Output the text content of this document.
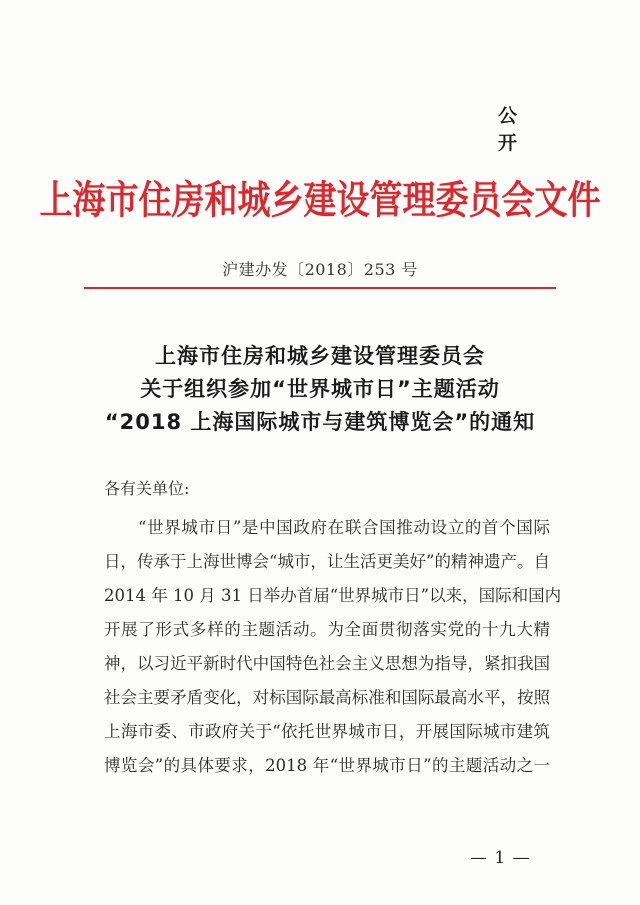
公 开
上海市住房和城乡建设管理委员会文件
沪建办发〔2018〕253 号
上海市住房和城乡建设管理委员会
关于组织参加“世界城市日”主题活动
“2018 上海国际城市与建筑博览会”的通知
各有关单位:
“世界城市日”是中国政府在联合国推动设立的首个国际
日，传承于上海世博会“城市，让生活更美好”的精神遗产。自
2014 年 10 月 31 日举办首届“世界城市日”以来，国际和国内
开展了形式多样的主题活动。为全面贯彻落实党的十九大精
神，以习近平新时代中国特色社会主义思想为指导，紧扣我国
社会主要矛盾变化，对标国际最高标准和国际最高水平，按照
上海市委、市政府关于“依托世界城市日，开展国际城市建筑
博览会”的具体要求，2018 年“世界城市日”的主题活动之一
— 1 —
